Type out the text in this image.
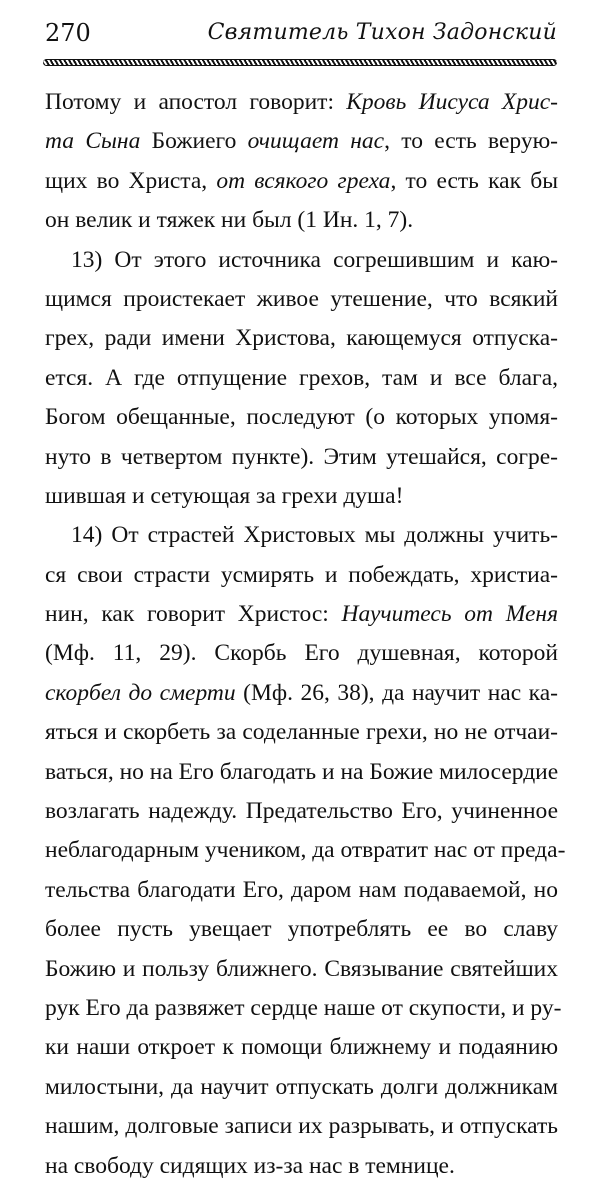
270	Святитель Тихон Задонский
Потому и апостол говорит: Кровь Иисуса Хрис-
та Сына Божиего очищает нас, то есть верую-
щих во Христа, от всякого греха, то есть как бы
он велик и тяжек ни был (1 Ин. 1, 7).
13) От этого источника согрешившим и каю-
щимся проистекает живое утешение, что всякий
грех, ради имени Христова, кающемуся отпуска-
ется. А где отпущение грехов, там и все блага,
Богом обещанные, последуют (о которых упомя-
нуто в четвертом пункте). Этим утешайся, согре-
шившая и сетующая за грехи душа!
14) От страстей Христовых мы должны учить-
ся свои страсти усмирять и побеждать, христиа-
нин, как говорит Христос: Научитесь от Меня
(Мф. 11, 29). Скорбь Его душевная, которой
скорбел до смерти (Мф. 26, 38), да научит нас ка-
яться и скорбеть за соделанные грехи, но не отчаи-
ваться, но на Его благодать и на Божие милосердие
возлагать надежду. Предательство Его, учиненное
неблагодарным учеником, да отвратит нас от преда-
тельства благодати Его, даром нам подаваемой, но
более пусть увещает употреблять ее во славу
Божию и пользу ближнего. Связывание святейших
рук Его да развяжет сердце наше от скупости, и ру-
ки наши откроет к помощи ближнему и подаянию
милостыни, да научит отпускать долги должникам
нашим, долговые записи их разрывать, и отпускать
на свободу сидящих из-за нас в темнице.
